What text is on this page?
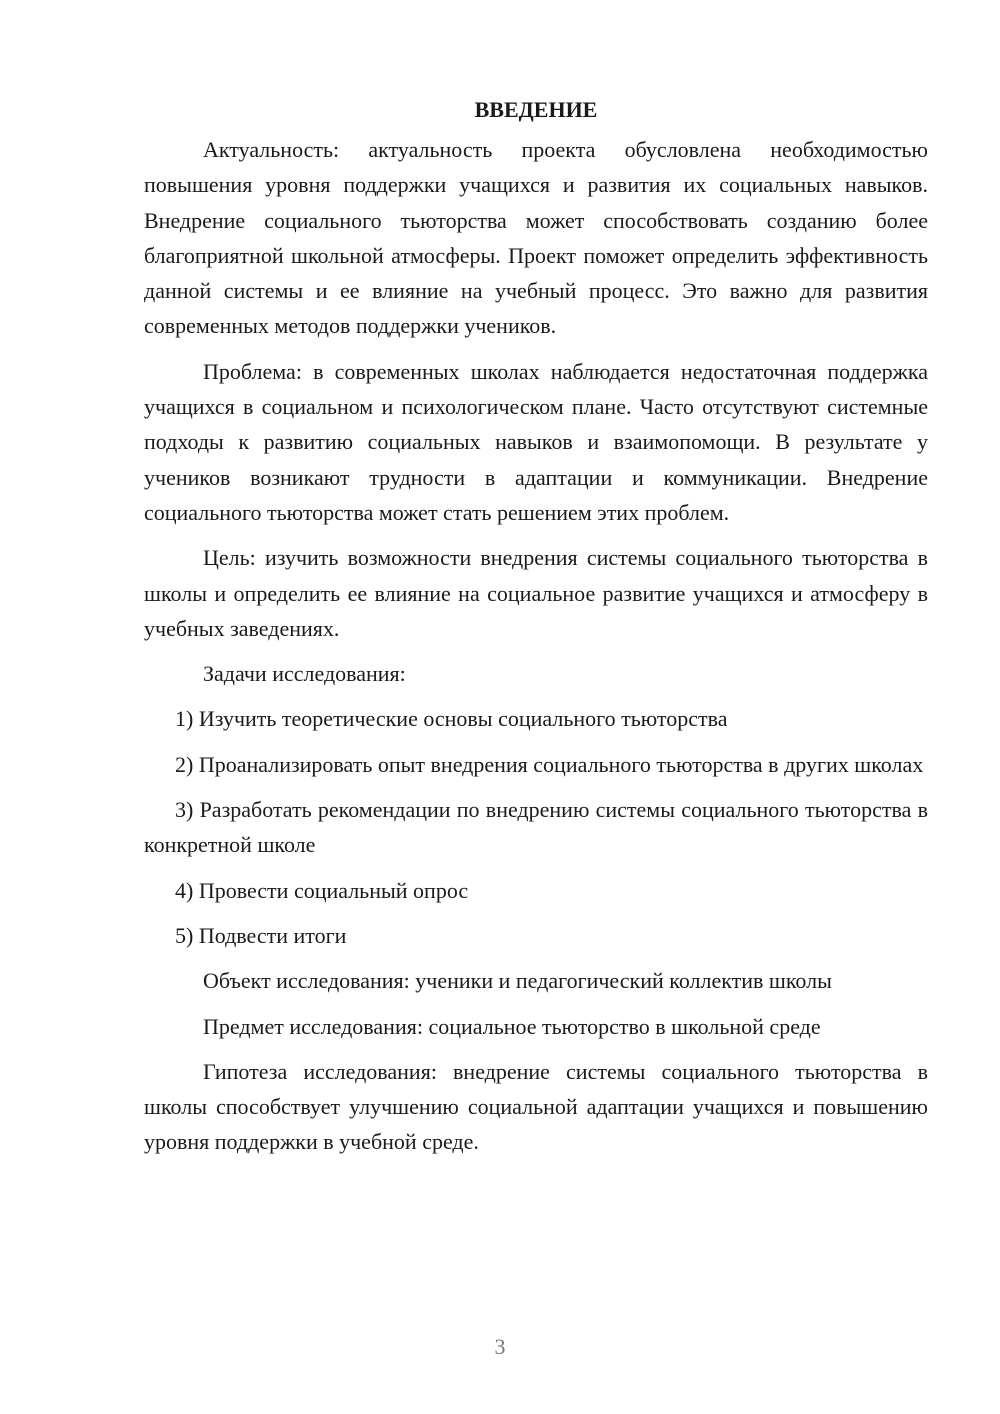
ВВЕДЕНИЕ

Актуальность: актуальность проекта обусловлена необходимостью повышения уровня поддержки учащихся и развития их социальных навыков. Внедрение социального тьюторства может способствовать созданию более благоприятной школьной атмосферы. Проект поможет определить эффективность данной системы и ее влияние на учебный процесс. Это важно для развития современных методов поддержки учеников.

Проблема: в современных школах наблюдается недостаточная поддержка учащихся в социальном и психологическом плане. Часто отсутствуют системные подходы к развитию социальных навыков и взаимопомощи. В результате у учеников возникают трудности в адаптации и коммуникации. Внедрение социального тьюторства может стать решением этих проблем.

Цель: изучить возможности внедрения системы социального тьюторства в школы и определить ее влияние на социальное развитие учащихся и атмосферу в учебных заведениях.

Задачи исследования:

1) Изучить теоретические основы социального тьюторства

2) Проанализировать опыт внедрения социального тьюторства в других школах

3) Разработать рекомендации по внедрению системы социального тьюторства в конкретной школе

4) Провести социальный опрос

5) Подвести итоги

Объект исследования: ученики и педагогический коллектив школы

Предмет исследования: социальное тьюторство в школьной среде

Гипотеза исследования: внедрение системы социального тьюторства в школы способствует улучшению социальной адаптации учащихся и повышению уровня поддержки в учебной среде.

3
